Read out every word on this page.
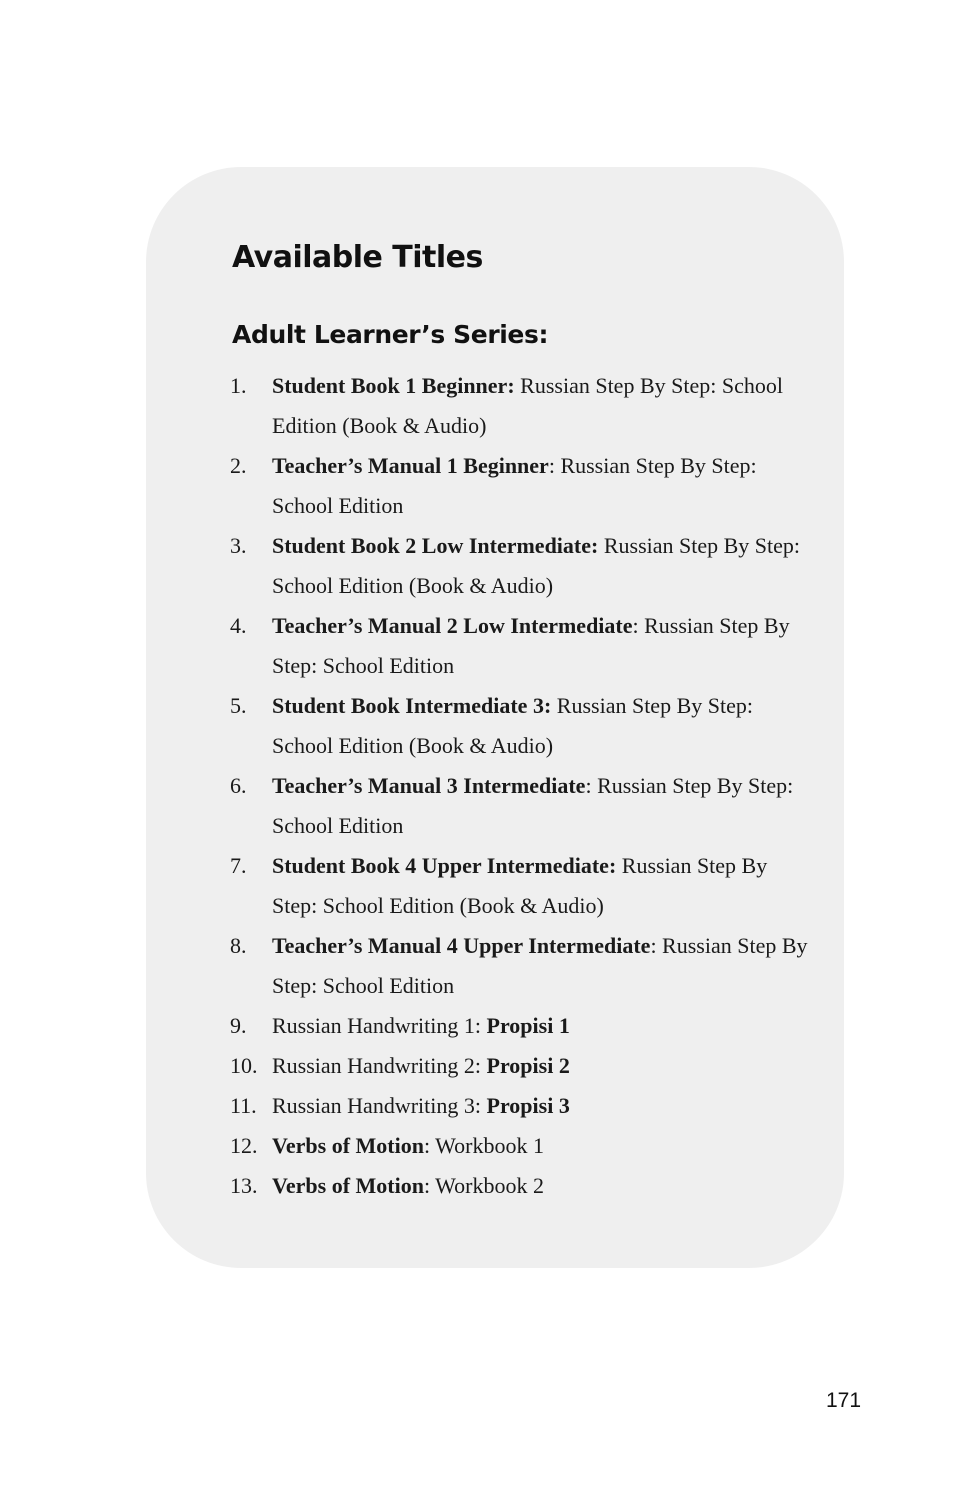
Available Titles
Adult Learner’s Series:
1. Student Book 1 Beginner: Russian Step By Step: School Edition (Book & Audio)
2. Teacher’s Manual 1 Beginner: Russian Step By Step: School Edition
3. Student Book 2 Low Intermediate: Russian Step By Step: School Edition (Book & Audio)
4. Teacher’s Manual 2 Low Intermediate: Russian Step By Step: School Edition
5. Student Book Intermediate 3: Russian Step By Step: School Edition (Book & Audio)
6. Teacher’s Manual 3 Intermediate: Russian Step By Step: School Edition
7. Student Book 4 Upper Intermediate: Russian Step By Step: School Edition (Book & Audio)
8. Teacher’s Manual 4 Upper Intermediate: Russian Step By Step: School Edition
9. Russian Handwriting 1: Propisi 1
10. Russian Handwriting 2: Propisi 2
11. Russian Handwriting 3: Propisi 3
12. Verbs of Motion: Workbook 1
13. Verbs of Motion: Workbook 2
171
